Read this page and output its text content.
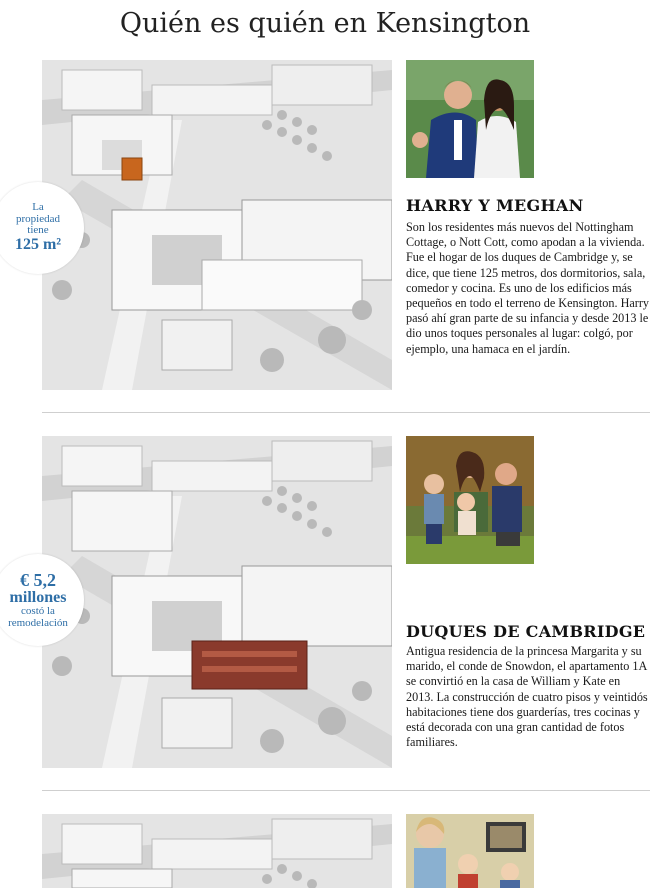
Quién es quién en Kensington
La
propiedad
tiene
125 m²
HARRY Y MEGHAN
Son los residentes más nuevos del Nottingham Cottage, o Nott Cott, como apodan a la vivienda. Fue el hogar de los duques de Cambridge y, se dice, que tiene 125 metros, dos dormitorios, sala, comedor y cocina. Es uno de los edificios más pequeños en todo el terreno de Kensington. Harry pasó ahí gran parte de su infancia y desde 2013 le dio unos toques personales al lugar: colgó, por ejemplo, una hamaca en el jardín.
€ 5,2
millones
costó la
remodelación	DUQUES DE CAMBRIDGE
Antigua residencia de la princesa Margarita y su marido, el conde de Snowdon, el apartamento 1A se convirtió en la casa de William y Kate en 2013. La construcción de cuatro pisos y veintidós habitaciones tiene dos guarderías, tres cocinas y está decorada con una gran cantidad de fotos familiares.
